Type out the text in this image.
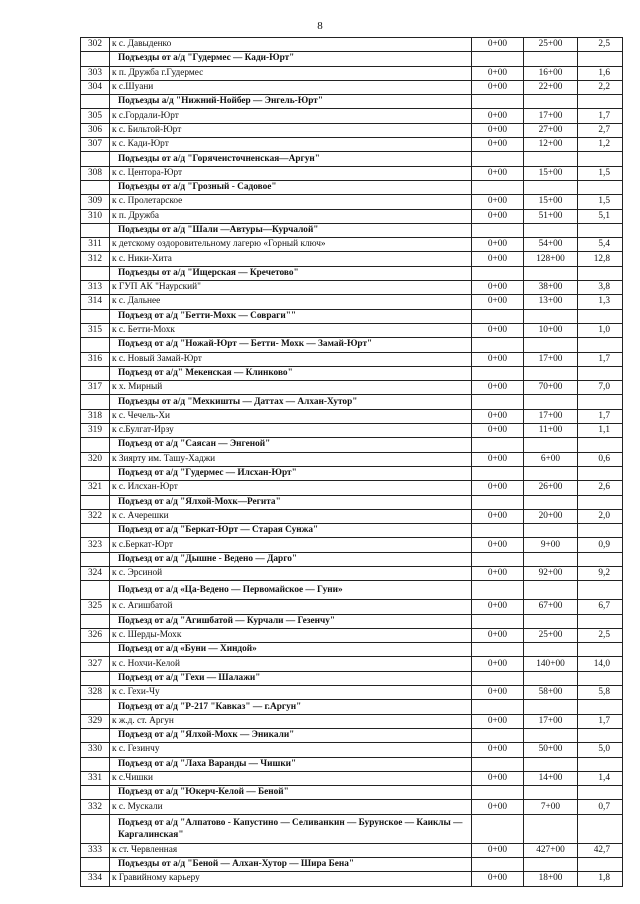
8
302	к с. Давыденко	0+00	25+00	2,5
	Подъезды от а/д "Гудермес — Кади-Юрт"			
303	к п. Дружба г.Гудермес	0+00	16+00	1,6
304	к с.Шуани	0+00	22+00	2,2
	Подъезды а/д "Нижний-Нойбер — Энгель-Юрт"			
305	к с.Гордали-Юрт	0+00	17+00	1,7
306	к с. Бильтой-Юрт	0+00	27+00	2,7
307	к с. Кади-Юрт	0+00	12+00	1,2
	Подъезды от а/д "Горячеисточненская—Аргун"			
308	к с. Центора-Юрт	0+00	15+00	1,5
	Подъезды от а/д "Грозный - Садовое"			
309	к с. Пролетарское	0+00	15+00	1,5
310	к п. Дружба	0+00	51+00	5,1
	Подъезды от а/д "Шали —Автуры—Курчалой"			
311	к детскому оздоровительному лагерю «Горный ключ»	0+00	54+00	5,4
312	к с. Ники-Хита	0+00	128+00	12,8
	Подъезды от а/д "Ищерская — Кречетово"			
313	к ГУП АК "Наурский"	0+00	38+00	3,8
314	к с. Дальнее	0+00	13+00	1,3
	Подъезд от а/д "Бетти-Мохк — Совраги""			
315	к с. Бетти-Мохк	0+00	10+00	1,0
	Подъезд от а/д "Ножай-Юрт — Бетти- Мохк — Замай-Юрт"			
316	к с. Новый Замай-Юрт	0+00	17+00	1,7
	Подъезд от а/д" Мекенская — Клинково"			
317	к х. Мирный	0+00	70+00	7,0
	Подъезды от а/д "Мехкишты — Даттах — Алхан-Хутор"			
318	к с. Чечель-Хи	0+00	17+00	1,7
319	к с.Булгат-Ирзу	0+00	11+00	1,1
	Подъезд от а/д "Саясан — Энгеной"			
320	к Зиярту им. Ташу-Хаджи	0+00	6+00	0,6
	Подъезд от а/д "Гудермес — Илсхан-Юрт"			
321	к с. Илсхан-Юрт	0+00	26+00	2,6
	Подъезд от а/д "Ялхой-Мохк—Регита"			
322	к с. Ачерешки	0+00	20+00	2,0
	Подъезд от а/д "Беркат-Юрт — Старая Сунжа"			
323	к с.Беркат-Юрт	0+00	9+00	0,9
	Подъезд от а/д "Дышне - Ведено — Дарго"			
324	к с. Эрсиной	0+00	92+00	9,2
	Подъезд от а/д «Ца-Ведено — Первомайское — Гуни»			
325	к с. Агишбатой	0+00	67+00	6,7
	Подъезд от а/д "Агишбатой — Курчали — Гезенчу"			
326	к с. Шерды-Мохк	0+00	25+00	2,5
	Подъезд от а/д «Буни — Хиндой»			
327	к с. Нохчи-Келой	0+00	140+00	14,0
	Подъезд от а/д "Гехи — Шалажи"			
328	к с. Гехи-Чу	0+00	58+00	5,8
	Подъезд от а/д "Р-217 "Кавказ" — г.Аргун"			
329	к ж.д. ст. Аргун	0+00	17+00	1,7
	Подъезд от а/д "Ялхой-Мохк — Эникали"			
330	к с. Гезинчу	0+00	50+00	5,0
	Подъезд от а/д "Лаха Варанды — Чишки"			
331	к с.Чишки	0+00	14+00	1,4
	Подъезд от а/д "Юкерч-Келой — Беной"			
332	к с. Мускали	0+00	7+00	0,7
	Подъезд от а/д "Алпатово - Капустино — Селиванкин — Бурунское — Каиклы — Каргалинская"			
333	к ст. Червленная	0+00	427+00	42,7
	Подъезды от а/д "Беной — Алхан-Хутор — Шира Бена"			
334	к Гравийному карьеру	0+00	18+00	1,8
